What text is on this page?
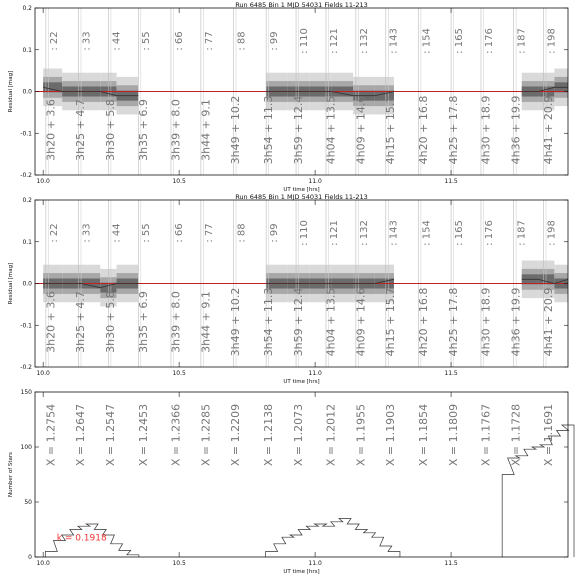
: 22 : 33 : 44 : 55 : 66 : 77 : 88 : 99 : 110 : 121 : 132 : 143 : 154 : 165 : 176 : 187 : 198
3h20 + 3.6 3h25 + 4.7 3h30 + 5.8 3h35 + 6.9 3h39 + 8.0 3h44 + 9.1 3h49 + 10.2 3h54 + 11.3 3h59 + 12.4 4h04 + 13.5 4h09 + 14.6 4h15 + 15.7 4h20 + 16.8 4h25 + 17.8 4h30 + 18.9 4h36 + 19.9 4h41 + 20.9
-0.2
-0.1
0.0
0.1
0.2
10.0	10.5	11.0	11.5
Run 6485 Bin 1 MJD 54031 Fields 11-213
UT time [hrs]
Residual [mag]
: 22 : 33 : 44 : 55 : 66 : 77 : 88 : 99 : 110 : 121 : 132 : 143 : 154 : 165 : 176 : 187 : 198
3h20 + 3.6 3h25 + 4.7 3h30 + 5.8 3h35 + 6.9 3h39 + 8.0 3h44 + 9.1 3h49 + 10.2 3h54 + 11.3 3h59 + 12.4 4h04 + 13.5 4h09 + 14.6 4h15 + 15.7 4h20 + 16.8 4h25 + 17.8 4h30 + 18.9 4h36 + 19.9 4h41 + 20.9
-0.2
-0.1
0.0
0.1
0.2
10.0	10.5	11.0	11.5
Run 6485 Bin 1 MJD 54031 Fields 11-213
UT time [hrs]
Residual [mag]
X = 1.2754 X = 1.2647 X = 1.2547 X = 1.2453 X = 1.2366 X = 1.2285 X = 1.2209 X = 1.2138 X = 1.2073 X = 1.2012 X = 1.1955 X = 1.1903 X = 1.1854 X = 1.1809 X = 1.1767 X = 1.1728 X = 1.1691
k = 0.1918
0
50
100
150
10.0	10.5	11.0	11.5
UT time [hrs]
Number of Stars
